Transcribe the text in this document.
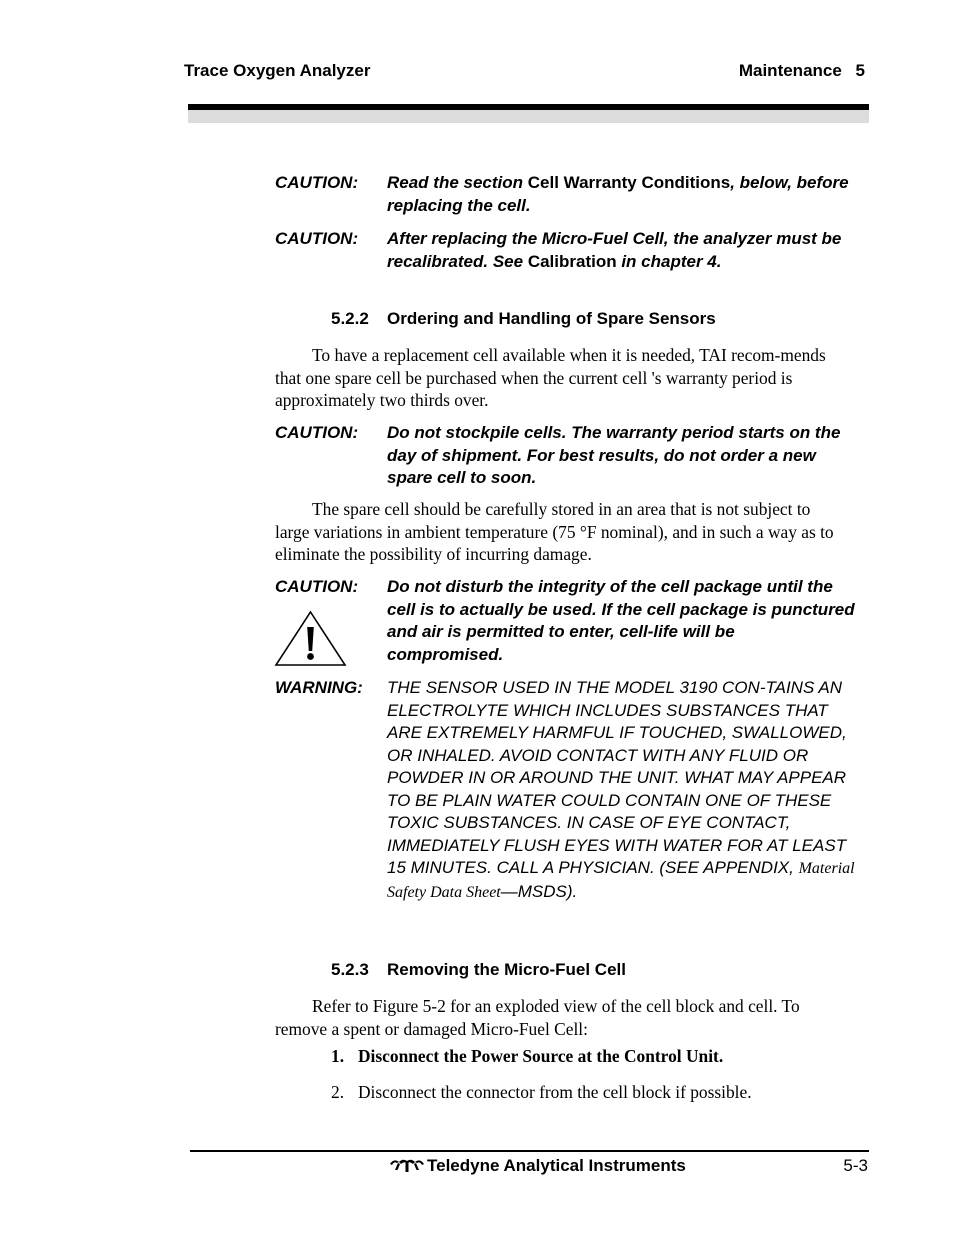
Trace Oxygen Analyzer	Maintenance 5
CAUTION: Read the section Cell Warranty Conditions, below, before replacing the cell.
CAUTION: After replacing the Micro-Fuel Cell, the analyzer must be recalibrated. See Calibration in chapter 4.
5.2.2 Ordering and Handling of Spare Sensors

To have a replacement cell available when it is needed, TAI recom-mends that one spare cell be purchased when the current cell 's warranty period is approximately two thirds over.

CAUTION: Do not stockpile cells. The warranty period starts on the day of shipment. For best results, do not order a new spare cell to soon.

The spare cell should be carefully stored in an area that is not subject to large variations in ambient temperature (75 °F nominal), and in such a way as to eliminate the possibility of incurring damage.

CAUTION: Do not disturb the integrity of the cell package until the cell is to actually be used. If the cell package is punctured and air is permitted to enter, cell-life will be compromised.
WARNING: THE SENSOR USED IN THE MODEL 3190 CON-TAINS AN ELECTROLYTE WHICH INCLUDES SUBSTANCES THAT ARE EXTREMELY HARMFUL IF TOUCHED, SWALLOWED, OR INHALED. AVOID CONTACT WITH ANY FLUID OR POWDER IN OR AROUND THE UNIT. WHAT MAY APPEAR TO BE PLAIN WATER COULD CONTAIN ONE OF THESE TOXIC SUBSTANCES. IN CASE OF EYE CONTACT, IMMEDIATELY FLUSH EYES WITH WATER FOR AT LEAST 15 MINUTES. CALL A PHYSICIAN. (SEE APPENDIX, Material Safety Data Sheet—MSDS).
5.2.3 Removing the Micro-Fuel Cell

Refer to Figure 5-2 for an exploded view of the cell block and cell. To remove a spent or damaged Micro-Fuel Cell:

1. Disconnect the Power Source at the Control Unit.
2. Disconnect the connector from the cell block if possible.
Teledyne Analytical Instruments	5-3
